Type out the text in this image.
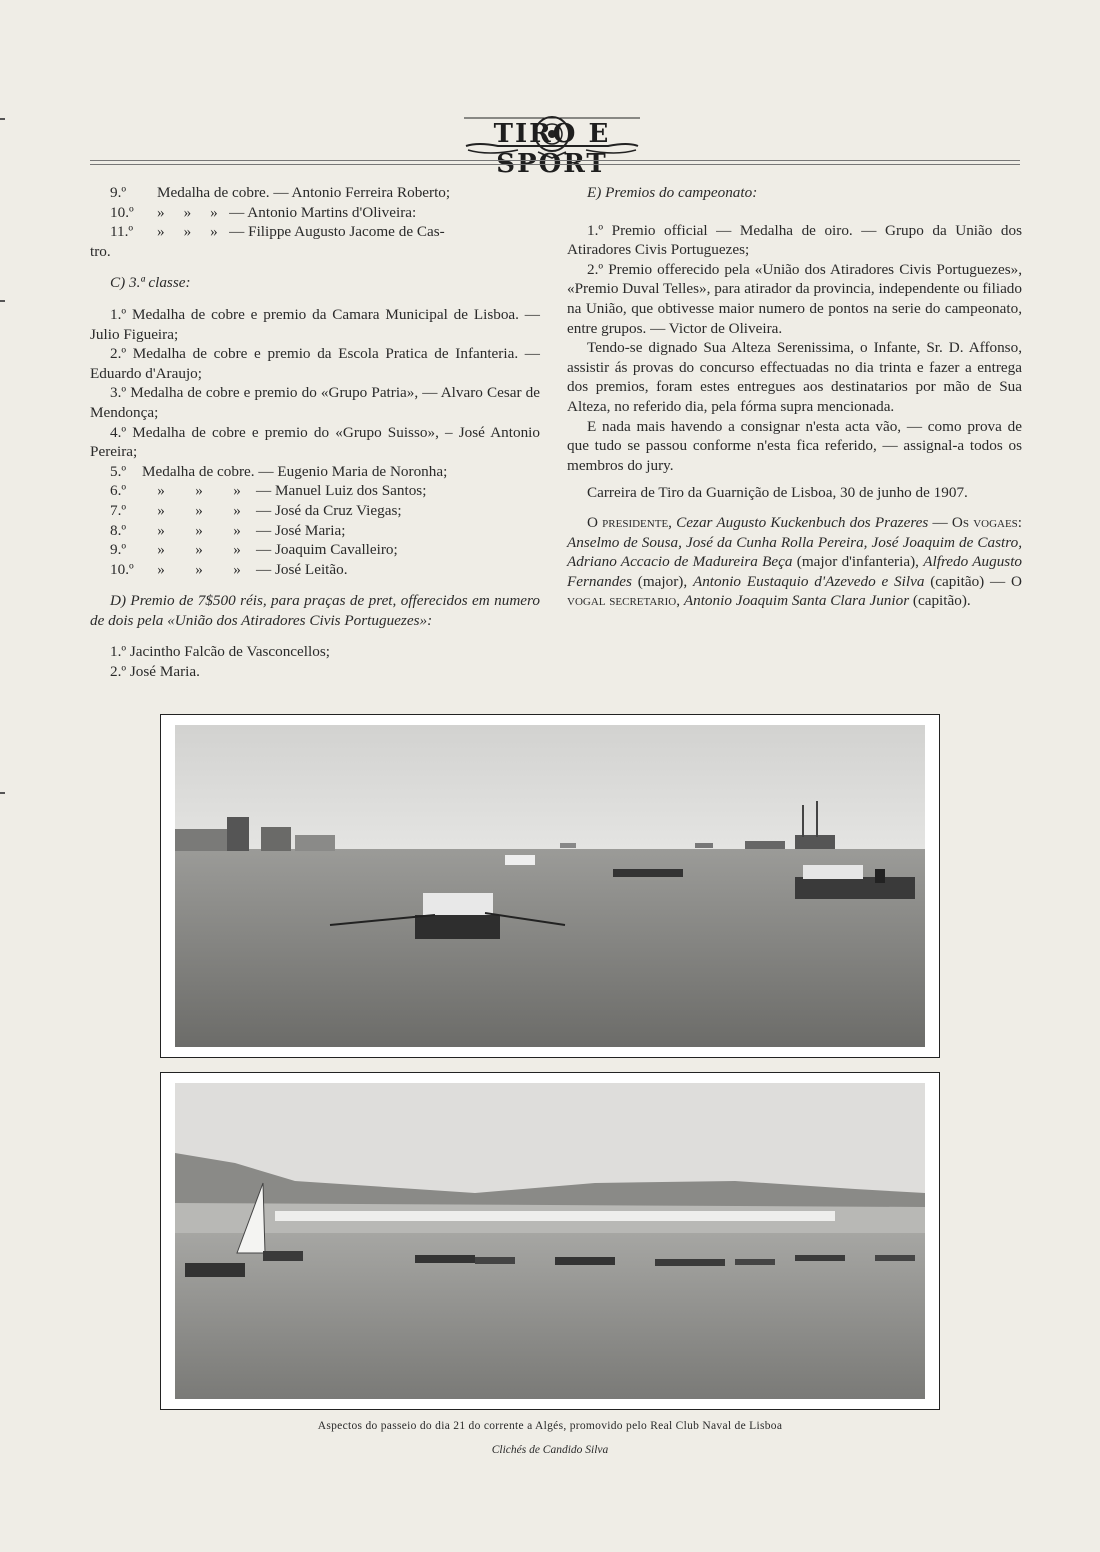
TIRO E
9.º	Medalha de cobre. — Antonio Ferreira Roberto;
10.º	»     »     »   — Antonio Martins d'Oliveira:
11.º	»     »     »   — Filippe Augusto Jacome de Cas-

tro.

C) 3.ª classe:

1.º Medalha de cobre e premio da Camara Municipal de Lisboa. — Julio Figueira;

2.º Medalha de cobre e premio da Escola Pratica de Infanteria. — Eduardo d'Araujo;

3.º Medalha de cobre e premio do «Grupo Patria», — Alvaro Cesar de Mendonça;

4.º Medalha de cobre e premio do «Grupo Suisso», – José Antonio Pereira;

5.º	Medalha de cobre. — Eugenio Maria de Noronha;
6.º	»	»	»	— Manuel Luiz dos Santos;
7.º	»	»	»	— José da Cruz Viegas;
8.º	»	»	»	— José Maria;
9.º	»	»	»	— Joaquim Cavalleiro;
10.º	»	»	»	— José Leitão.

D) Premio de 7$500 réis, para praças de pret, offerecidos em numero de dois pela «União dos Atiradores Civis Portuguezes»:

1.º Jacintho Falcão de Vasconcellos;

2.º José Maria.

E) Premios do campeonato:

1.º Premio official — Medalha de oiro. — Grupo da União dos Atiradores Civis Portuguezes;

2.º Premio offerecido pela «União dos Atiradores Civis Portuguezes», «Premio Duval Telles», para atirador da provincia, independente ou filiado na União, que obtivesse maior numero de pontos na serie do campeonato, entre grupos. — Victor de Oliveira.

Tendo-se dignado Sua Alteza Serenissima, o Infante, Sr. D. Affonso, assistir ás provas do concurso effectuadas no dia trinta e fazer a entrega dos premios, foram estes entregues aos destinatarios por mão de Sua Alteza, no referido dia, pela fórma supra mencionada.

E nada mais havendo a consignar n'esta acta vão, — como prova de que tudo se passou conforme n'esta fica referido, — assignal-a todos os membros do jury.

Carreira de Tiro da Guarnição de Lisboa, 30 de junho de 1907.

O presidente, Cezar Augusto Kuckenbuch dos Prazeres — Os vogaes: Anselmo de Sousa, José da Cunha Rolla Pereira, José Joaquim de Castro, Adriano Accacio de Madureira Beça (major d'infanteria), Alfredo Augusto Fernandes (major), Antonio Eustaquio d'Azevedo e Silva (capitão) — O vogal secretario, Antonio Joaquim Santa Clara Junior (capitão).

Aspectos do passeio do dia 21 do corrente a Algés, promovido pelo Real Club Naval de Lisboa
Clichés de Candido Silva
